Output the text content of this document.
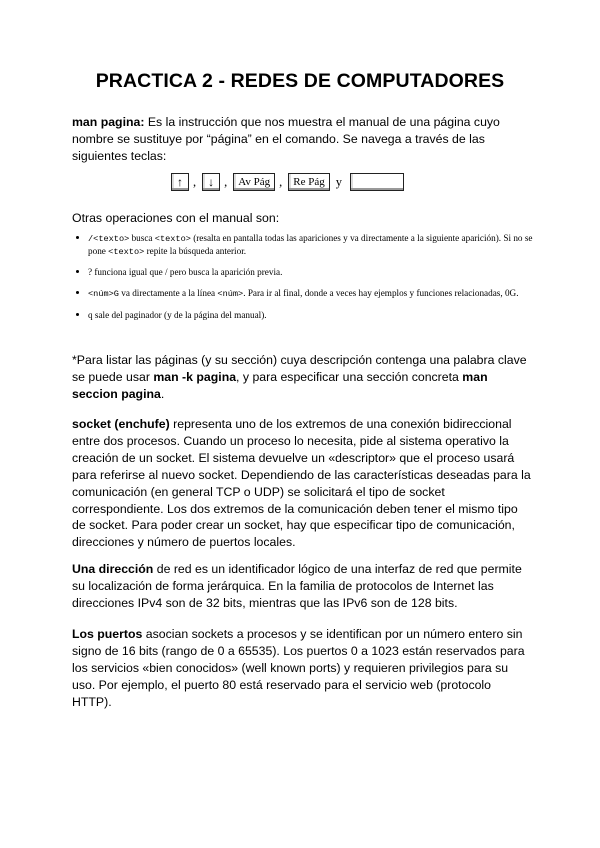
PRACTICA 2 - REDES DE COMPUTADORES

man pagina: Es la instrucción que nos muestra el manual de una página cuyo nombre se sustituye por “página” en el comando. Se navega a través de las siguientes teclas:

↑ ,	↓ ,	Av Pág ,	Re Pág y

Otras operaciones con el manual son:

/<texto> busca <texto> (resalta en pantalla todas las apariciones y va directamente a la siguiente aparición). Si no se pone <texto> repite la búsqueda anterior.
? funciona igual que / pero busca la aparición previa.
<núm>G va directamente a la línea <núm>. Para ir al final, donde a veces hay ejemplos y funciones relacionadas, 0G.
q sale del paginador (y de la página del manual).

*Para listar las páginas (y su sección) cuya descripción contenga una palabra clave se puede usar man -k pagina, y para especificar una sección concreta man seccion pagina.

socket (enchufe) representa uno de los extremos de una conexión bidireccional entre dos procesos. Cuando un proceso lo necesita, pide al sistema operativo la creación de un socket. El sistema devuelve un «descriptor» que el proceso usará para referirse al nuevo socket. Dependiendo de las características deseadas para la comunicación (en general TCP o UDP) se solicitará el tipo de socket correspondiente. Los dos extremos de la comunicación deben tener el mismo tipo de socket. Para poder crear un socket, hay que especificar tipo de comunicación, direcciones y número de puertos locales.

Una dirección de red es un identificador lógico de una interfaz de red que permite su localización de forma jerárquica. En la familia de protocolos de Internet las direcciones IPv4 son de 32 bits, mientras que las IPv6 son de 128 bits.

Los puertos asocian sockets a procesos y se identifican por un número entero sin signo de 16 bits (rango de 0 a 65535). Los puertos 0 a 1023 están reservados para los servicios «bien conocidos» (well known ports) y requieren privilegios para su uso. Por ejemplo, el puerto 80 está reservado para el servicio web (protocolo HTTP).
